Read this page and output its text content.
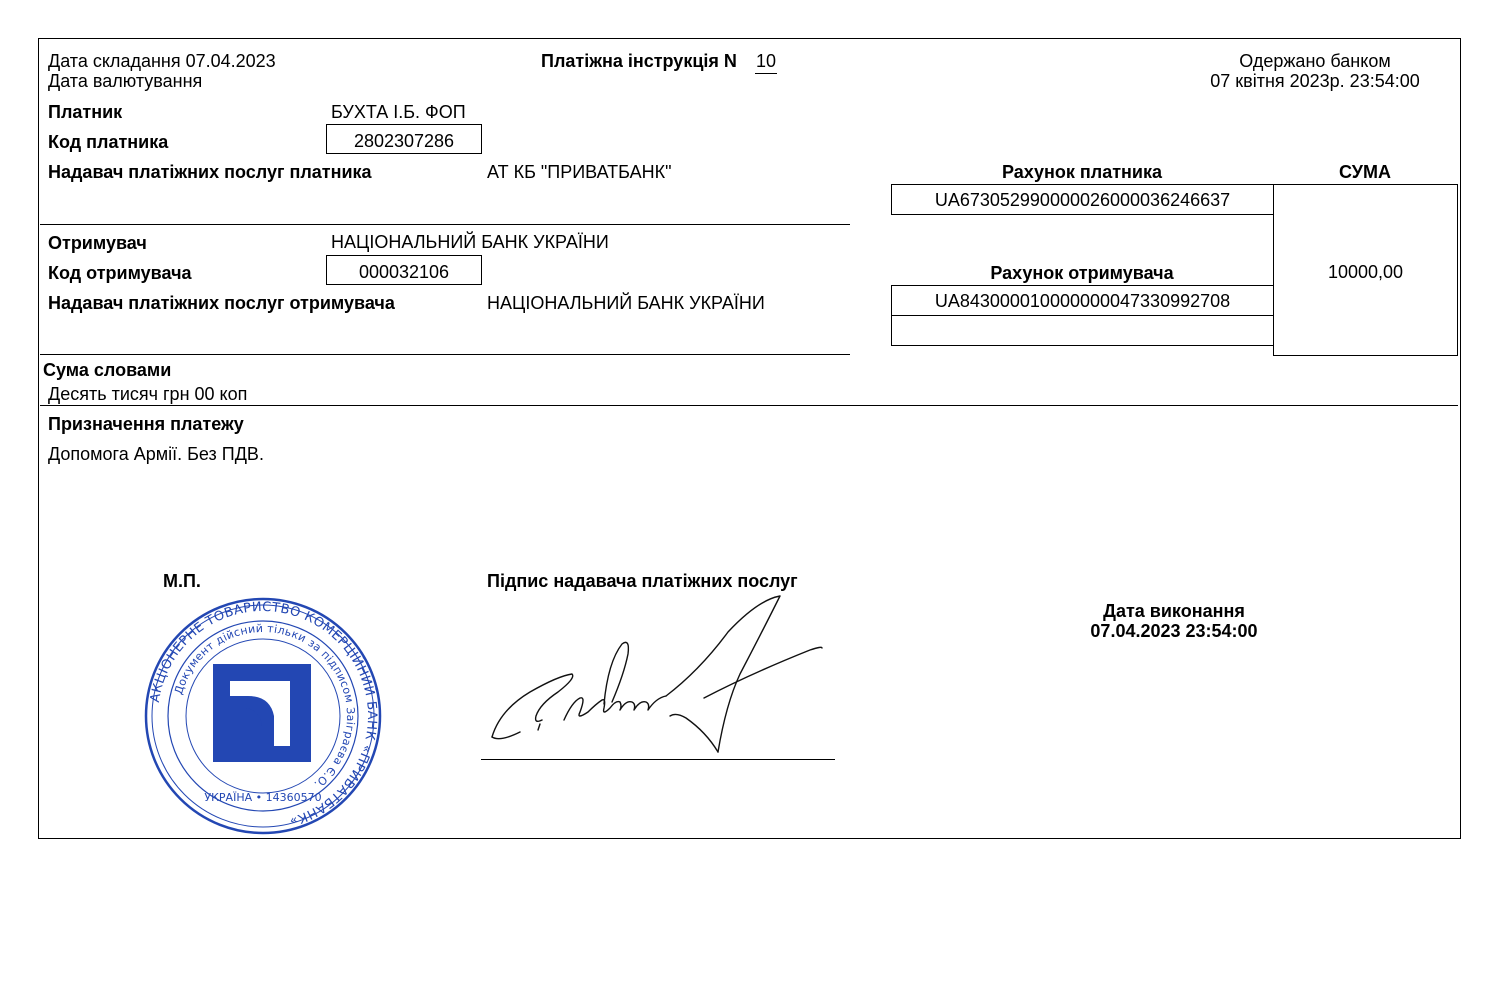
Дата складання 07.04.2023
Дата валютування
Платіжна інструкція N 10	Одержано банком
07 квітня 2023р. 23:54:00
Платник	БУХТА І.Б. ФОП
Код платника	2802307286
Надавач платіжних послуг платника	АТ КБ "ПРИВАТБАНК"	Рахунок платника	СУМА
UA673052990000026000036246637
10000,00
Отримувач	НАЦІОНАЛЬНИЙ БАНК УКРАЇНИ
Код отримувача	000032106	Рахунок отримувача
Надавач платіжних послуг отримувача	НАЦІОНАЛЬНИЙ БАНК УКРАЇНИ	UA843000010000000047330992708
Сума словами
Десять тисяч грн 00 коп
Призначення платежу
Допомога Армії. Без ПДВ.
М.П.	Підпис надавача платіжних послуг
Дата виконання
07.04.2023 23:54:00
АКЦІОНЕРНЕ ТОВАРИСТВО КОМЕРЦІЙНИЙ БАНК «ПРИВАТБАНК»
Документ дійсний тільки за підписом Заіграєва Є.О.
УКРАЇНА • 14360570
